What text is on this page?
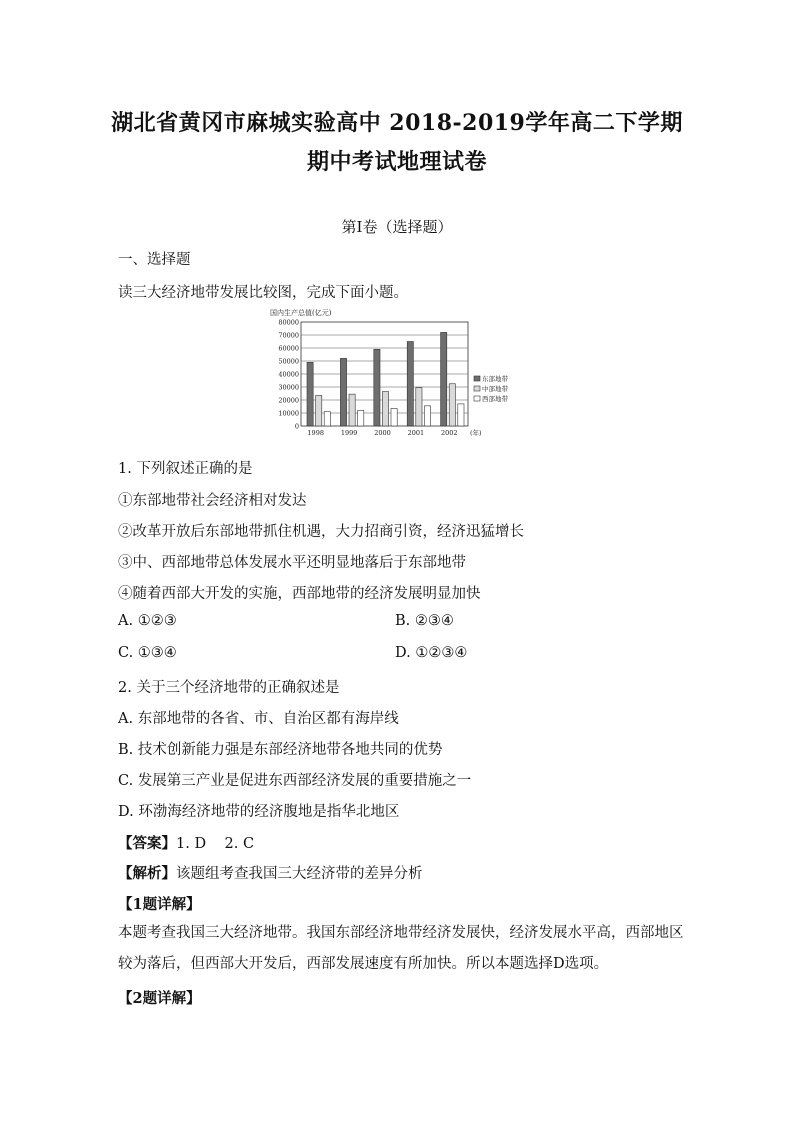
湖北省黄冈市麻城实验高中 2018-2019学年高二下学期
期中考试地理试卷
第I卷（选择题）
一、选择题
读三大经济地带发展比较图，完成下面小题。
国内生产总值(亿元)
80000
70000
60000
50000
40000
30000
20000
10000
0
1998	1999	2000	2001	2002 (年)
东部地带
中部地带
西部地带
1. 下列叙述正确的是
①东部地带社会经济相对发达
②改革开放后东部地带抓住机遇，大力招商引资，经济迅猛增长
③中、西部地带总体发展水平还明显地落后于东部地带
④随着西部大开发的实施，西部地带的经济发展明显加快
A. ①②③	B. ②③④
C. ①③④	D. ①②③④
2. 关于三个经济地带的正确叙述是
A. 东部地带的各省、市、自治区都有海岸线
B. 技术创新能力强是东部经济地带各地共同的优势
C. 发展第三产业是促进东西部经济发展的重要措施之一
D. 环渤海经济地带的经济腹地是指华北地区
【答案】1. D    2. C
【解析】该题组考查我国三大经济带的差异分析
【1题详解】
本题考查我国三大经济地带。我国东部经济地带经济发展快，经济发展水平高，西部地区较为落后，但西部大开发后，西部发展速度有所加快。所以本题选择D选项。
【2题详解】
